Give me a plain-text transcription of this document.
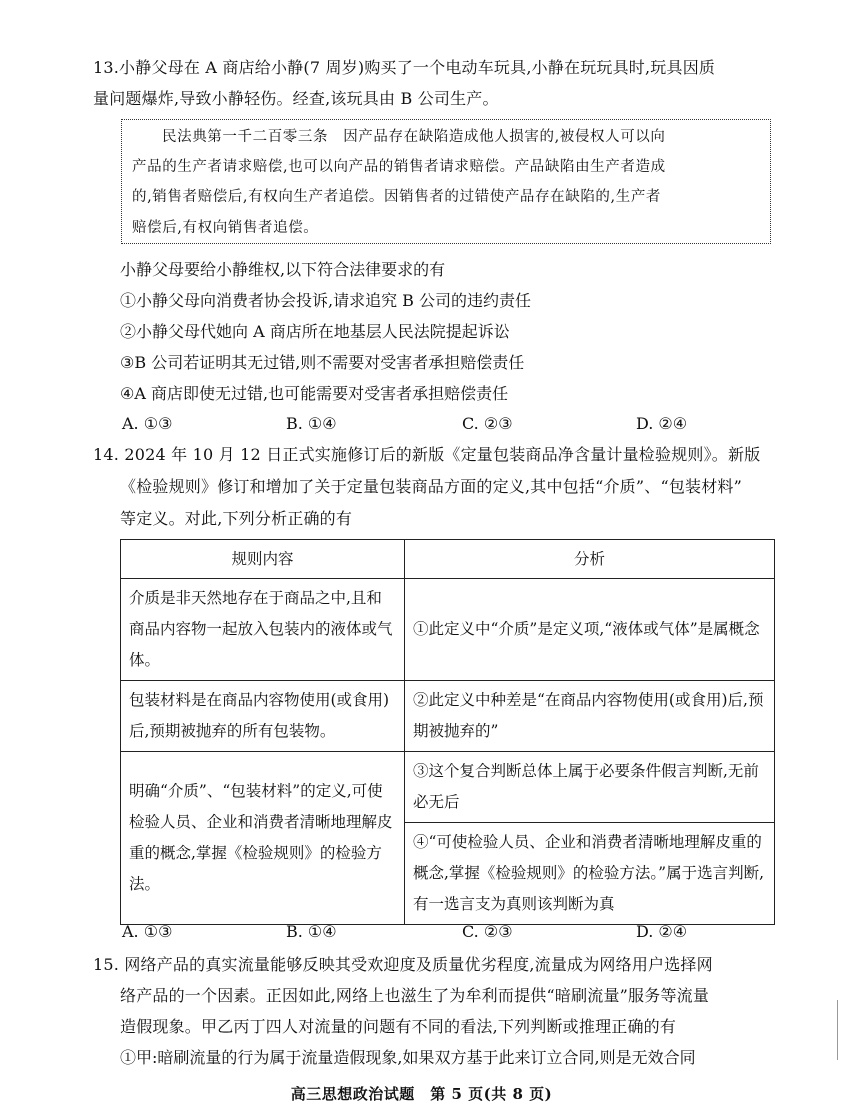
13.小静父母在 A 商店给小静(7 周岁)购买了一个电动车玩具,小静在玩玩具时,玩具因质
量问题爆炸,导致小静轻伤。经查,该玩具由 B 公司生产。
民法典第一千二百零三条　因产品存在缺陷造成他人损害的,被侵权人可以向
产品的生产者请求赔偿,也可以向产品的销售者请求赔偿。产品缺陷由生产者造成
的,销售者赔偿后,有权向生产者追偿。因销售者的过错使产品存在缺陷的,生产者
赔偿后,有权向销售者追偿。
小静父母要给小静维权,以下符合法律要求的有
①小静父母向消费者协会投诉,请求追究 B 公司的违约责任
②小静父母代她向 A 商店所在地基层人民法院提起诉讼
③B 公司若证明其无过错,则不需要对受害者承担赔偿责任
④A 商店即使无过错,也可能需要对受害者承担赔偿责任
A. ①③	B. ①④	C. ②③	D. ②④
14. 2024 年 10 月 12 日正式实施修订后的新版《定量包装商品净含量计量检验规则》。新版
《检验规则》修订和增加了关于定量包装商品方面的定义,其中包括“介质”、“包装材料”
等定义。对此,下列分析正确的有
规则内容	分析
介质是非天然地存在于商品之中,且和商品内容物一起放入包装内的液体或气体。	①此定义中“介质”是定义项,“液体或气体”是属概念
包装材料是在商品内容物使用(或食用)后,预期被抛弃的所有包装物。	②此定义中种差是“在商品内容物使用(或食用)后,预期被抛弃的”
明确“介质”、“包装材料”的定义,可使检验人员、企业和消费者清晰地理解皮重的概念,掌握《检验规则》的检验方法。	③这个复合判断总体上属于必要条件假言判断,无前必无后
	④“可使检验人员、企业和消费者清晰地理解皮重的概念,掌握《检验规则》的检验方法。”属于选言判断,有一选言支为真则该判断为真
A. ①③	B. ①④	C. ②③	D. ②④
15. 网络产品的真实流量能够反映其受欢迎度及质量优劣程度,流量成为网络用户选择网
络产品的一个因素。正因如此,网络上也滋生了为牟利而提供“暗刷流量”服务等流量
造假现象。甲乙丙丁四人对流量的问题有不同的看法,下列判断或推理正确的有
①甲:暗刷流量的行为属于流量造假现象,如果双方基于此来订立合同,则是无效合同
高三思想政治试题　第 5 页(共 8 页)
